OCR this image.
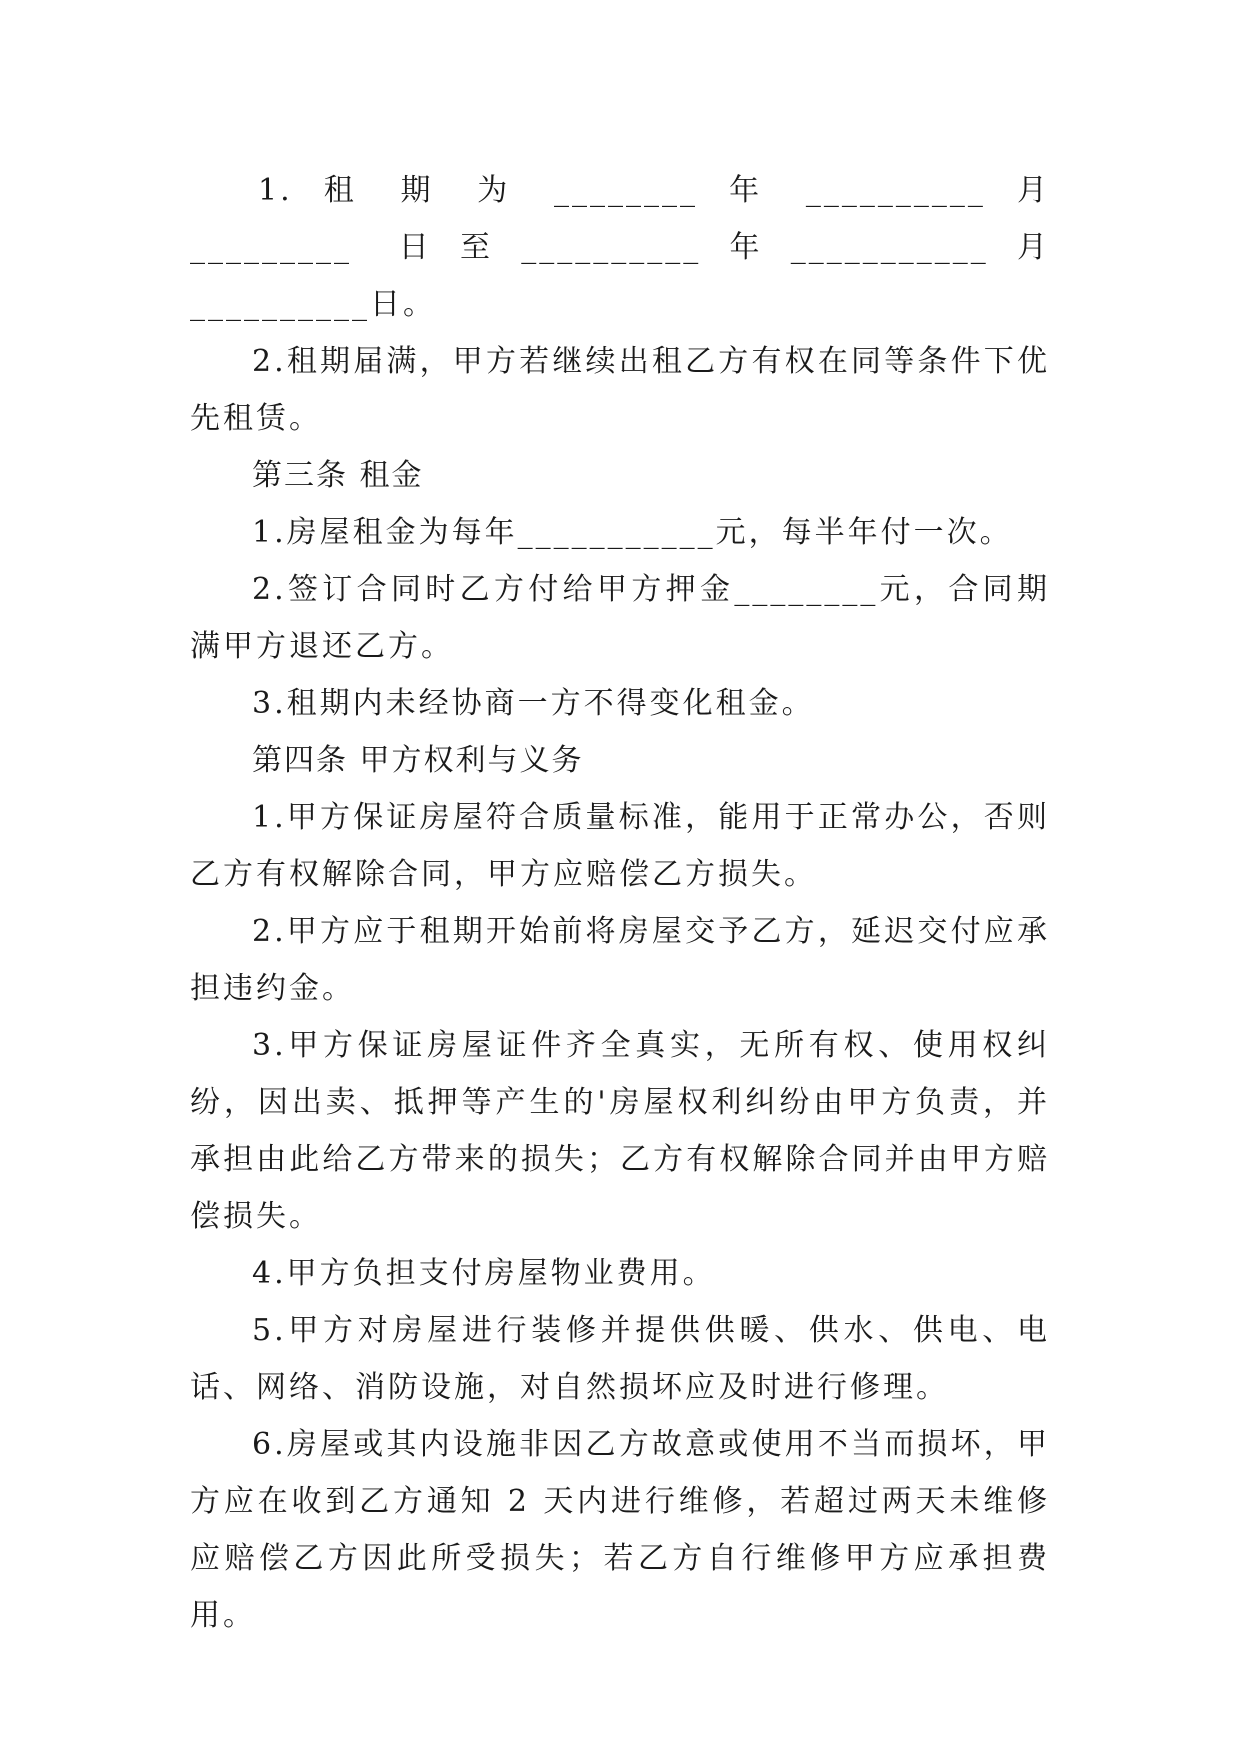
1. 租 期 为 ________ 年 __________ 月 _________ 日至__________年___________月__________日。

2.租期届满，甲方若继续出租乙方有权在同等条件下优先租赁。

第三条 租金

1.房屋租金为每年___________元，每半年付一次。

2.签订合同时乙方付给甲方押金________元，合同期满甲方退还乙方。

3.租期内未经协商一方不得变化租金。

第四条 甲方权利与义务

1.甲方保证房屋符合质量标准，能用于正常办公，否则乙方有权解除合同，甲方应赔偿乙方损失。

2.甲方应于租期开始前将房屋交予乙方，延迟交付应承担违约金。

3.甲方保证房屋证件齐全真实，无所有权、使用权纠纷，因出卖、抵押等产生的'房屋权利纠纷由甲方负责，并承担由此给乙方带来的损失；乙方有权解除合同并由甲方赔偿损失。

4.甲方负担支付房屋物业费用。

5.甲方对房屋进行装修并提供供暖、供水、供电、电话、网络、消防设施，对自然损坏应及时进行修理。

6.房屋或其内设施非因乙方故意或使用不当而损坏，甲方应在收到乙方通知 2 天内进行维修，若超过两天未维修应赔偿乙方因此所受损失；若乙方自行维修甲方应承担费用。
